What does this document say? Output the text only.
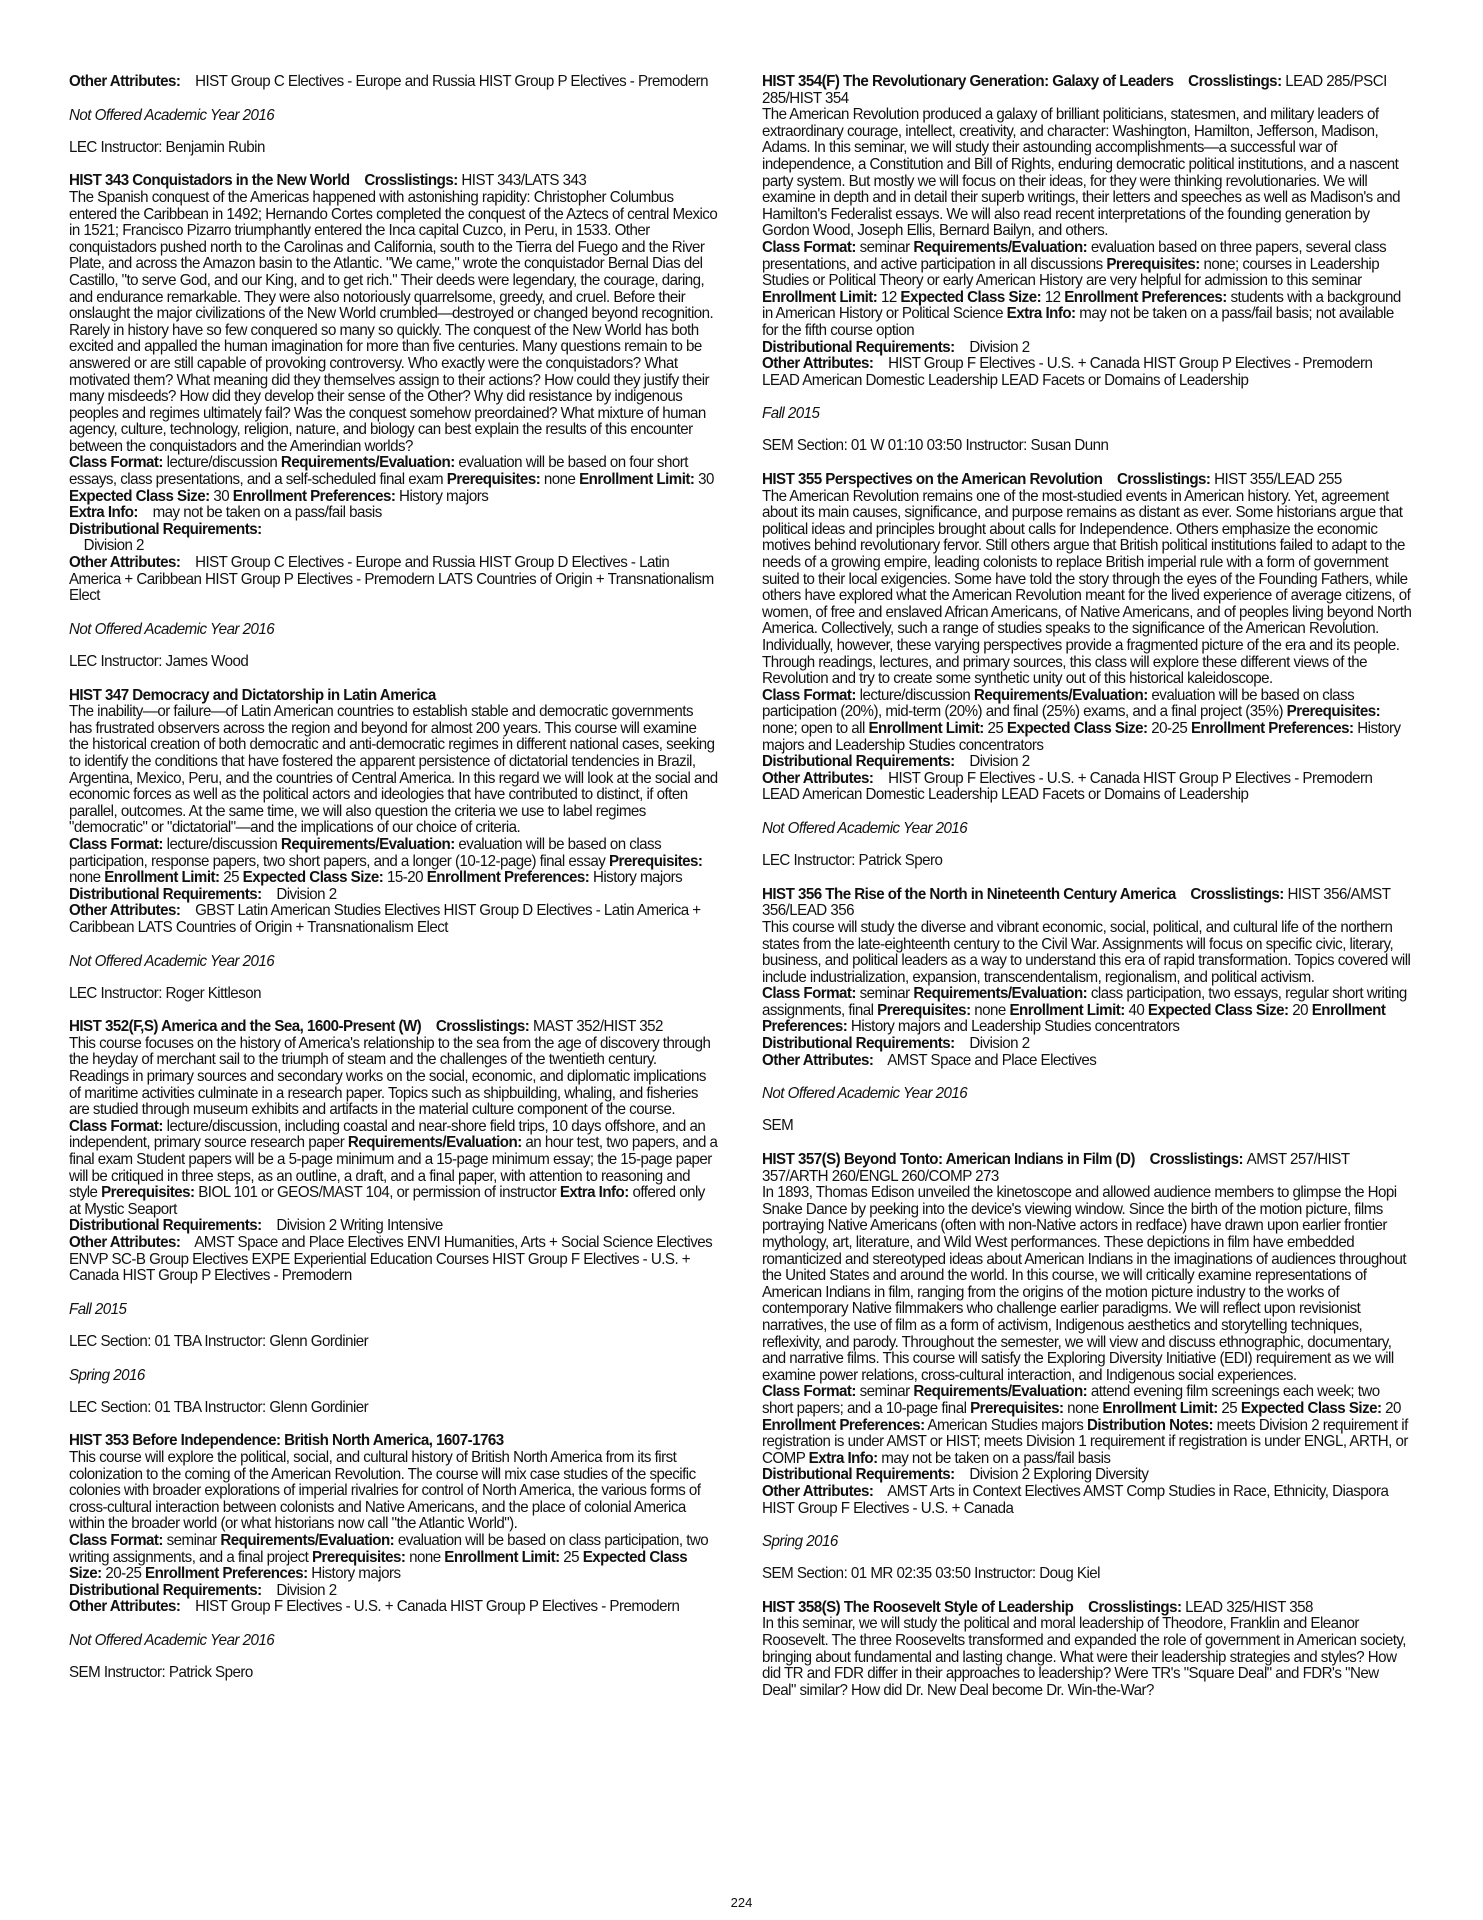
Other Attributes: HIST Group C Electives - Europe and Russia HIST Group P Electives - Premodern

Not Offered Academic Year 2016

LEC Instructor: Benjamin Rubin

HIST 343 Conquistadors in the New World Crosslistings: HIST 343/LATS 343

The Spanish conquest of the Americas happened with astonishing rapidity: Christopher Columbus entered the Caribbean in 1492; Hernando Cortes completed the conquest of the Aztecs of central Mexico in 1521; Francisco Pizarro triumphantly entered the Inca capital Cuzco, in Peru, in 1533. Other conquistadors pushed north to the Carolinas and California, south to the Tierra del Fuego and the River Plate, and across the Amazon basin to the Atlantic. "We came," wrote the conquistador Bernal Dias del Castillo, "to serve God, and our King, and to get rich." Their deeds were legendary, the courage, daring, and endurance remarkable. They were also notoriously quarrelsome, greedy, and cruel. Before their onslaught the major civilizations of the New World crumbled—destroyed or changed beyond recognition. Rarely in history have so few conquered so many so quickly. The conquest of the New World has both excited and appalled the human imagination for more than five centuries. Many questions remain to be answered or are still capable of provoking controversy. Who exactly were the conquistadors? What motivated them? What meaning did they themselves assign to their actions? How could they justify their many misdeeds? How did they develop their sense of the Other? Why did resistance by indigenous peoples and regimes ultimately fail? Was the conquest somehow preordained? What mixture of human agency, culture, technology, religion, nature, and biology can best explain the results of this encounter between the conquistadors and the Amerindian worlds?

Class Format: lecture/discussion Requirements/Evaluation: evaluation will be based on four short essays, class presentations, and a self-scheduled final exam Prerequisites: none Enrollment Limit: 30 Expected Class Size: 30 Enrollment Preferences: History majors

Extra Info: may not be taken on a pass/fail basis

Distributional Requirements:

Division 2

Other Attributes: HIST Group C Electives - Europe and Russia HIST Group D Electives - Latin America + Caribbean HIST Group P Electives - Premodern LATS Countries of Origin + Transnationalism Elect

Not Offered Academic Year 2016

LEC Instructor: James Wood

HIST 347 Democracy and Dictatorship in Latin America

The inability—or failure—of Latin American countries to establish stable and democratic governments has frustrated observers across the region and beyond for almost 200 years. This course will examine the historical creation of both democratic and anti-democratic regimes in different national cases, seeking to identify the conditions that have fostered the apparent persistence of dictatorial tendencies in Brazil, Argentina, Mexico, Peru, and the countries of Central America. In this regard we will look at the social and economic forces as well as the political actors and ideologies that have contributed to distinct, if often parallel, outcomes. At the same time, we will also question the criteria we use to label regimes "democratic" or "dictatorial"—and the implications of our choice of criteria.

Class Format: lecture/discussion Requirements/Evaluation: evaluation will be based on class participation, response papers, two short papers, and a longer (10-12-page) final essay Prerequisites: none Enrollment Limit: 25 Expected Class Size: 15-20 Enrollment Preferences: History majors

Distributional Requirements: Division 2

Other Attributes: GBST Latin American Studies Electives HIST Group D Electives - Latin America + Caribbean LATS Countries of Origin + Transnationalism Elect

Not Offered Academic Year 2016

LEC Instructor: Roger Kittleson

HIST 352(F,S) America and the Sea, 1600-Present (W) Crosslistings: MAST 352/HIST 352

This course focuses on the history of America's relationship to the sea from the age of discovery through the heyday of merchant sail to the triumph of steam and the challenges of the twentieth century. Readings in primary sources and secondary works on the social, economic, and diplomatic implications of maritime activities culminate in a research paper. Topics such as shipbuilding, whaling, and fisheries are studied through museum exhibits and artifacts in the material culture component of the course.

Class Format: lecture/discussion, including coastal and near-shore field trips, 10 days offshore, and an independent, primary source research paper Requirements/Evaluation: an hour test, two papers, and a final exam Student papers will be a 5-page minimum and a 15-page minimum essay; the 15-page paper will be critiqued in three steps, as an outline, a draft, and a final paper, with attention to reasoning and style Prerequisites: BIOL 101 or GEOS/MAST 104, or permission of instructor Extra Info: offered only at Mystic Seaport

Distributional Requirements: Division 2 Writing Intensive

Other Attributes: AMST Space and Place Electives ENVI Humanities, Arts + Social Science Electives ENVP SC-B Group Electives EXPE Experiential Education Courses HIST Group F Electives - U.S. + Canada HIST Group P Electives - Premodern

Fall 2015

LEC Section: 01 TBA Instructor: Glenn Gordinier

Spring 2016

LEC Section: 01 TBA Instructor: Glenn Gordinier

HIST 353 Before Independence: British North America, 1607-1763

This course will explore the political, social, and cultural history of British North America from its first colonization to the coming of the American Revolution. The course will mix case studies of the specific colonies with broader explorations of imperial rivalries for control of North America, the various forms of cross-cultural interaction between colonists and Native Americans, and the place of colonial America within the broader world (or what historians now call "the Atlantic World").

Class Format: seminar Requirements/Evaluation: evaluation will be based on class participation, two writing assignments, and a final project Prerequisites: none Enrollment Limit: 25 Expected Class Size: 20-25 Enrollment Preferences: History majors

Distributional Requirements: Division 2

Other Attributes: HIST Group F Electives - U.S. + Canada HIST Group P Electives - Premodern

Not Offered Academic Year 2016

SEM Instructor: Patrick Spero

HIST 354(F) The Revolutionary Generation: Galaxy of Leaders Crosslistings: LEAD 285/PSCI 285/HIST 354

The American Revolution produced a galaxy of brilliant politicians, statesmen, and military leaders of extraordinary courage, intellect, creativity, and character: Washington, Hamilton, Jefferson, Madison, Adams. In this seminar, we will study their astounding accomplishments—a successful war of independence, a Constitution and Bill of Rights, enduring democratic political institutions, and a nascent party system. But mostly we will focus on their ideas, for they were thinking revolutionaries. We will examine in depth and in detail their superb writings, their letters and speeches as well as Madison's and Hamilton's Federalist essays. We will also read recent interpretations of the founding generation by Gordon Wood, Joseph Ellis, Bernard Bailyn, and others.

Class Format: seminar Requirements/Evaluation: evaluation based on three papers, several class presentations, and active participation in all discussions Prerequisites: none; courses in Leadership Studies or Political Theory or early American History are very helpful for admission to this seminar Enrollment Limit: 12 Expected Class Size: 12 Enrollment Preferences: students with a background in American History or Political Science Extra Info: may not be taken on a pass/fail basis; not available for the fifth course option

Distributional Requirements: Division 2

Other Attributes: HIST Group F Electives - U.S. + Canada HIST Group P Electives - Premodern LEAD American Domestic Leadership LEAD Facets or Domains of Leadership

Fall 2015

SEM Section: 01 W 01:10 03:50 Instructor: Susan Dunn

HIST 355 Perspectives on the American Revolution Crosslistings: HIST 355/LEAD 255

The American Revolution remains one of the most-studied events in American history. Yet, agreement about its main causes, significance, and purpose remains as distant as ever. Some historians argue that political ideas and principles brought about calls for Independence. Others emphasize the economic motives behind revolutionary fervor. Still others argue that British political institutions failed to adapt to the needs of a growing empire, leading colonists to replace British imperial rule with a form of government suited to their local exigencies. Some have told the story through the eyes of the Founding Fathers, while others have explored what the American Revolution meant for the lived experience of average citizens, of women, of free and enslaved African Americans, of Native Americans, and of peoples living beyond North America. Collectively, such a range of studies speaks to the significance of the American Revolution. Individually, however, these varying perspectives provide a fragmented picture of the era and its people. Through readings, lectures, and primary sources, this class will explore these different views of the Revolution and try to create some synthetic unity out of this historical kaleidoscope.

Class Format: lecture/discussion Requirements/Evaluation: evaluation will be based on class participation (20%), mid-term (20%) and final (25%) exams, and a final project (35%) Prerequisites: none; open to all Enrollment Limit: 25 Expected Class Size: 20-25 Enrollment Preferences: History majors and Leadership Studies concentrators

Distributional Requirements: Division 2

Other Attributes: HIST Group F Electives - U.S. + Canada HIST Group P Electives - Premodern LEAD American Domestic Leadership LEAD Facets or Domains of Leadership

Not Offered Academic Year 2016

LEC Instructor: Patrick Spero

HIST 356 The Rise of the North in Nineteenth Century America Crosslistings: HIST 356/AMST 356/LEAD 356

This course will study the diverse and vibrant economic, social, political, and cultural life of the northern states from the late-eighteenth century to the Civil War. Assignments will focus on specific civic, literary, business, and political leaders as a way to understand this era of rapid transformation. Topics covered will include industrialization, expansion, transcendentalism, regionalism, and political activism.

Class Format: seminar Requirements/Evaluation: class participation, two essays, regular short writing assignments, final Prerequisites: none Enrollment Limit: 40 Expected Class Size: 20 Enrollment Preferences: History majors and Leadership Studies concentrators

Distributional Requirements: Division 2

Other Attributes: AMST Space and Place Electives

Not Offered Academic Year 2016

SEM

HIST 357(S) Beyond Tonto: American Indians in Film (D) Crosslistings: AMST 257/HIST 357/ARTH 260/ENGL 260/COMP 273

In 1893, Thomas Edison unveiled the kinetoscope and allowed audience members to glimpse the Hopi Snake Dance by peeking into the device's viewing window. Since the birth of the motion picture, films portraying Native Americans (often with non-Native actors in redface) have drawn upon earlier frontier mythology, art, literature, and Wild West performances. These depictions in film have embedded romanticized and stereotyped ideas about American Indians in the imaginations of audiences throughout the United States and around the world. In this course, we will critically examine representations of American Indians in film, ranging from the origins of the motion picture industry to the works of contemporary Native filmmakers who challenge earlier paradigms. We will reflect upon revisionist narratives, the use of film as a form of activism, Indigenous aesthetics and storytelling techniques, reflexivity, and parody. Throughout the semester, we will view and discuss ethnographic, documentary, and narrative films. This course will satisfy the Exploring Diversity Initiative (EDI) requirement as we will examine power relations, cross-cultural interaction, and Indigenous social experiences.

Class Format: seminar Requirements/Evaluation: attend evening film screenings each week; two short papers; and a 10-page final Prerequisites: none Enrollment Limit: 25 Expected Class Size: 20 Enrollment Preferences: American Studies majors Distribution Notes: meets Division 2 requirement if registration is under AMST or HIST; meets Division 1 requirement if registration is under ENGL, ARTH, or COMP Extra Info: may not be taken on a pass/fail basis

Distributional Requirements: Division 2 Exploring Diversity

Other Attributes: AMST Arts in Context Electives AMST Comp Studies in Race, Ethnicity, Diaspora HIST Group F Electives - U.S. + Canada

Spring 2016

SEM Section: 01 MR 02:35 03:50 Instructor: Doug Kiel

HIST 358(S) The Roosevelt Style of Leadership Crosslistings: LEAD 325/HIST 358

In this seminar, we will study the political and moral leadership of Theodore, Franklin and Eleanor Roosevelt. The three Roosevelts transformed and expanded the role of government in American society, bringing about fundamental and lasting change. What were their leadership strategies and styles? How did TR and FDR differ in their approaches to leadership? Were TR's "Square Deal" and FDR's "New Deal" similar? How did Dr. New Deal become Dr. Win-the-War?

224
